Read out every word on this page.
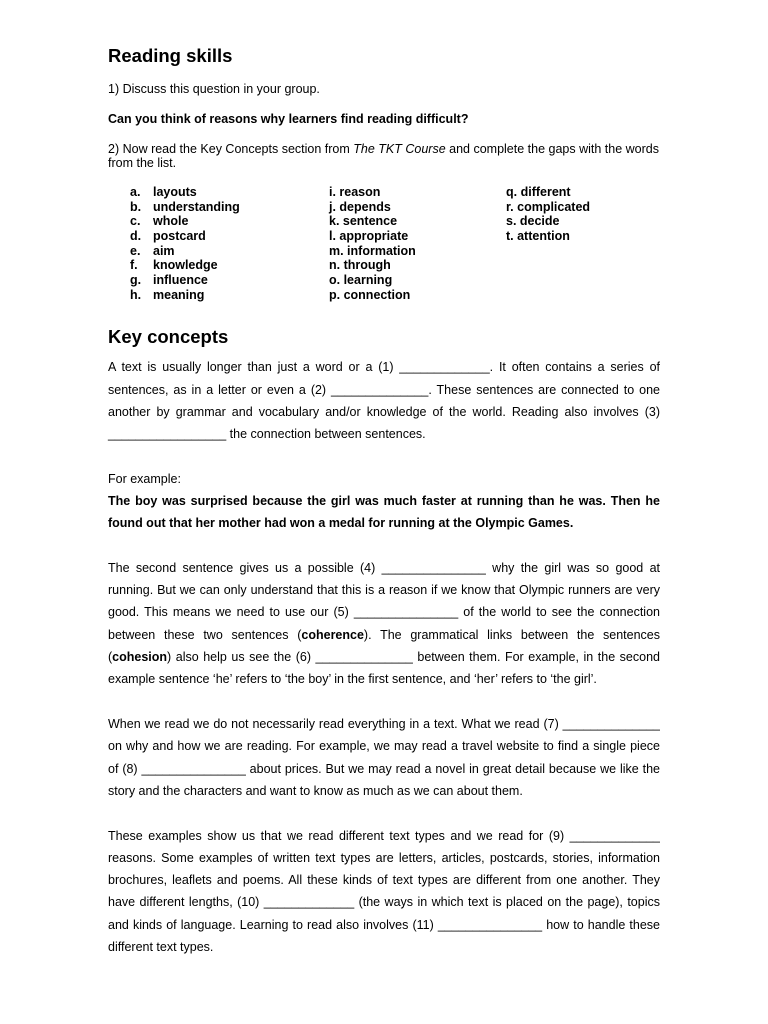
Reading skills
1) Discuss this question in your group.
Can you think of reasons why learners find reading difficult?
2) Now read the Key Concepts section from The TKT Course and complete the gaps with the words
from the list.
a. layouts
b. understanding
c. whole
d. postcard
e. aim
f. knowledge
g. influence
h. meaning
i. reason
j. depends
k. sentence
l. appropriate
m. information
n. through
o. learning
p. connection
q. different
r. complicated
s. decide
t. attention
Key concepts
A text is usually longer than just a word or a (1) _____________. It often contains a series of
sentences, as in a letter or even a (2) ______________. These sentences are connected to one
another by grammar and vocabulary and/or knowledge of the world. Reading also involves (3)
_________________ the connection between sentences.
For example:
The boy was surprised because the girl was much faster at running than he was. Then he
found out that her mother had won a medal for running at the Olympic Games.
The second sentence gives us a possible (4) _______________ why the girl was so good at
running. But we can only understand that this is a reason if we know that Olympic runners are very
good. This means we need to use our (5) _______________ of the world to see the connection
between these two sentences (coherence). The grammatical links between the sentences
(cohesion) also help us see the (6) ______________ between them. For example, in the second
example sentence ‘he’ refers to ‘the boy’ in the first sentence, and ‘her’ refers to ‘the girl’.
When we read we do not necessarily read everything in a text. What we read (7) ______________
on why and how we are reading. For example, we may read a travel website to find a single piece
of (8) _______________ about prices. But we may read a novel in great detail because we like the
story and the characters and want to know as much as we can about them.
These examples show us that we read different text types and we read for (9) _____________
reasons. Some examples of written text types are letters, articles, postcards, stories, information
brochures, leaflets and poems. All these kinds of text types are different from one another. They
have different lengths, (10) _____________ (the ways in which text is placed on the page), topics
and kinds of language. Learning to read also involves (11) _______________ how to handle these
different text types.
